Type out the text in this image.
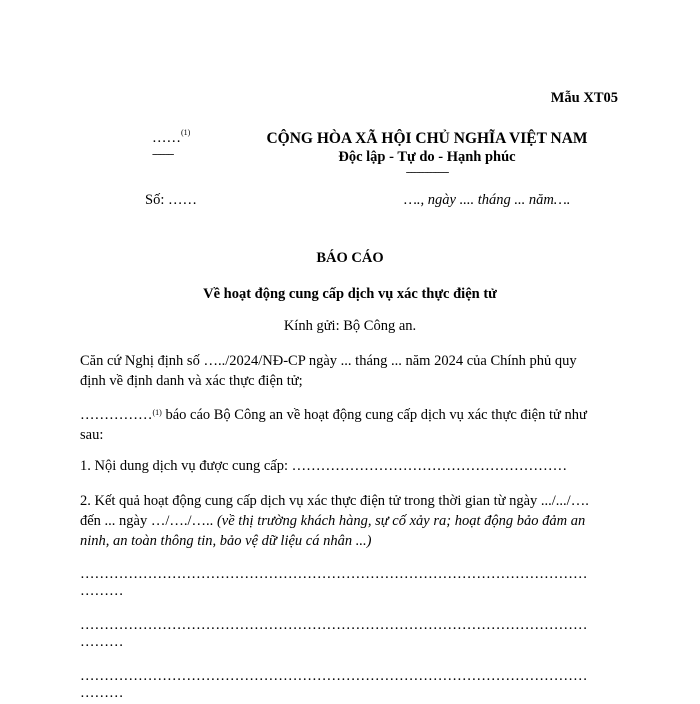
Mẫu XT05
……$^{(1)}$
--------
CỘNG HÒA XÃ HỘI CHỦ NGHĨA VIỆT NAM
Độc lập - Tự do - Hạnh phúc
----------------
Số: ……	…., ngày .... tháng ... năm….
BÁO CÁO
Về hoạt động cung cấp dịch vụ xác thực điện tử
Kính gửi: Bộ Công an.
Căn cứ Nghị định số …../2024/NĐ-CP ngày ... tháng ... năm 2024 của Chính phủ quy
định về định danh và xác thực điện tử;
……………$^{(1)}$ báo cáo Bộ Công an về hoạt động cung cấp dịch vụ xác thực điện tử như
sau:
1. Nội dung dịch vụ được cung cấp: …………………………………………………
2. Kết quả hoạt động cung cấp dịch vụ xác thực điện tử trong thời gian từ ngày .../.../….
đến ... ngày …/…./….. (về thị trường khách hàng, sự cố xảy ra; hoạt động bảo đảm an
ninh, an toàn thông tin, bảo vệ dữ liệu cá nhân ...)
……………………………………………………………………………………………
………
……………………………………………………………………………………………
………
……………………………………………………………………………………………
………
